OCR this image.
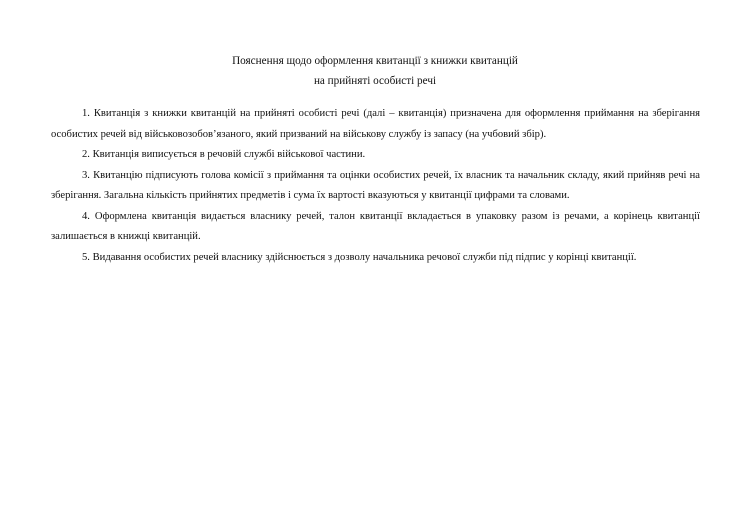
Пояснення щодо оформлення квитанції з книжки квитанцій
на прийняті особисті речі

1. Квитанція з книжки квитанцій на прийняті особисті речі (далі – квитанція) призначена для оформлення приймання на зберігання особистих речей від військовозобов’язаного, який призваний на військову службу із запасу (на учбовий збір).

2. Квитанція виписується в речовій службі військової частини.

3. Квитанцію підписують голова комісії з приймання та оцінки особистих речей, їх власник та начальник складу, який прийняв речі на зберігання. Загальна кількість прийнятих предметів і сума їх вартості вказуються у квитанції цифрами та словами.

4. Оформлена квитанція видається власнику речей, талон квитанції вкладається в упаковку разом із речами, а корінець квитанції залишається в книжці квитанцій.

5. Видавання особистих речей власнику здійснюється з дозволу начальника речової служби під підпис у корінці квитанції.
